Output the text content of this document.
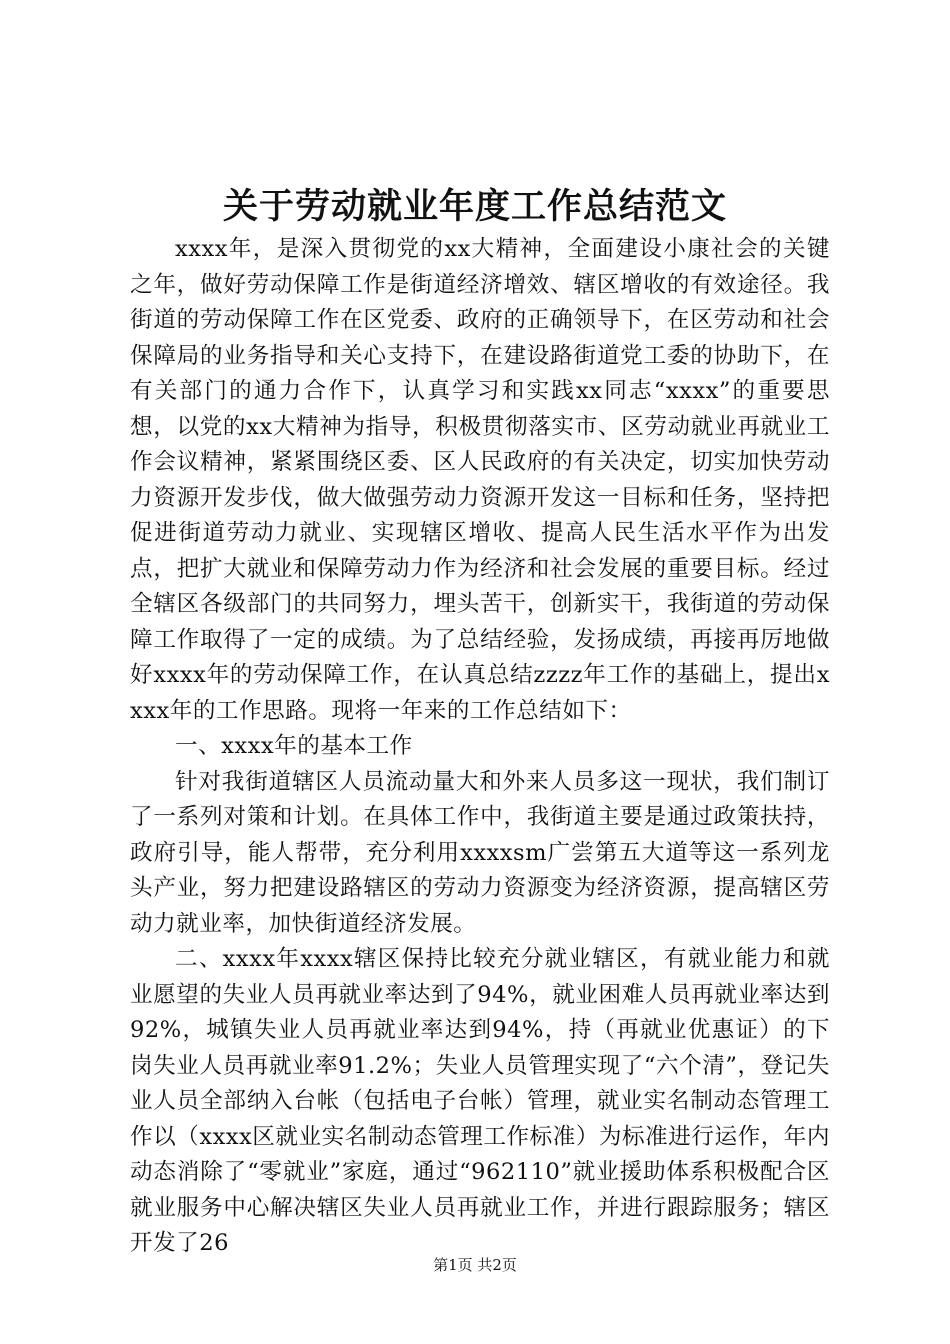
关于劳动就业年度工作总结范文

xxxx年，是深入贯彻党的xx大精神，全面建设小康社会的关键之年，做好劳动保障工作是街道经济增效、辖区增收的有效途径。我街道的劳动保障工作在区党委、政府的正确领导下，在区劳动和社会保障局的业务指导和关心支持下，在建设路街道党工委的协助下，在有关部门的通力合作下，认真学习和实践xx同志“xxxx”的重要思想，以党的xx大精神为指导，积极贯彻落实市、区劳动就业再就业工作会议精神，紧紧围绕区委、区人民政府的有关决定，切实加快劳动力资源开发步伐，做大做强劳动力资源开发这一目标和任务，坚持把促进街道劳动力就业、实现辖区增收、提高人民生活水平作为出发点，把扩大就业和保障劳动力作为经济和社会发展的重要目标。经过全辖区各级部门的共同努力，埋头苦干，创新实干，我街道的劳动保障工作取得了一定的成绩。为了总结经验，发扬成绩，再接再厉地做好xxxx年的劳动保障工作，在认真总结zzzz年工作的基础上，提出xxxx年的工作思路。现将一年来的工作总结如下：

一、xxxx年的基本工作

针对我街道辖区人员流动量大和外来人员多这一现状，我们制订了一系列对策和计划。在具体工作中，我街道主要是通过政策扶持，政府引导，能人帮带，充分利用xxxxsm广尝第五大道等这一系列龙头产业，努力把建设路辖区的劳动力资源变为经济资源，提高辖区劳动力就业率，加快街道经济发展。

二、xxxx年xxxx辖区保持比较充分就业辖区，有就业能力和就业愿望的失业人员再就业率达到了94%，就业困难人员再就业率达到92%，城镇失业人员再就业率达到94%，持（再就业优惠证）的下岗失业人员再就业率91.2%；失业人员管理实现了“六个清”，登记失业人员全部纳入台帐（包括电子台帐）管理，就业实名制动态管理工作以（xxxx区就业实名制动态管理工作标准）为标准进行运作，年内动态消除了“零就业”家庭，通过“962110”就业援助体系积极配合区就业服务中心解决辖区失业人员再就业工作，并进行跟踪服务；辖区开发了26

第1页 共2页
